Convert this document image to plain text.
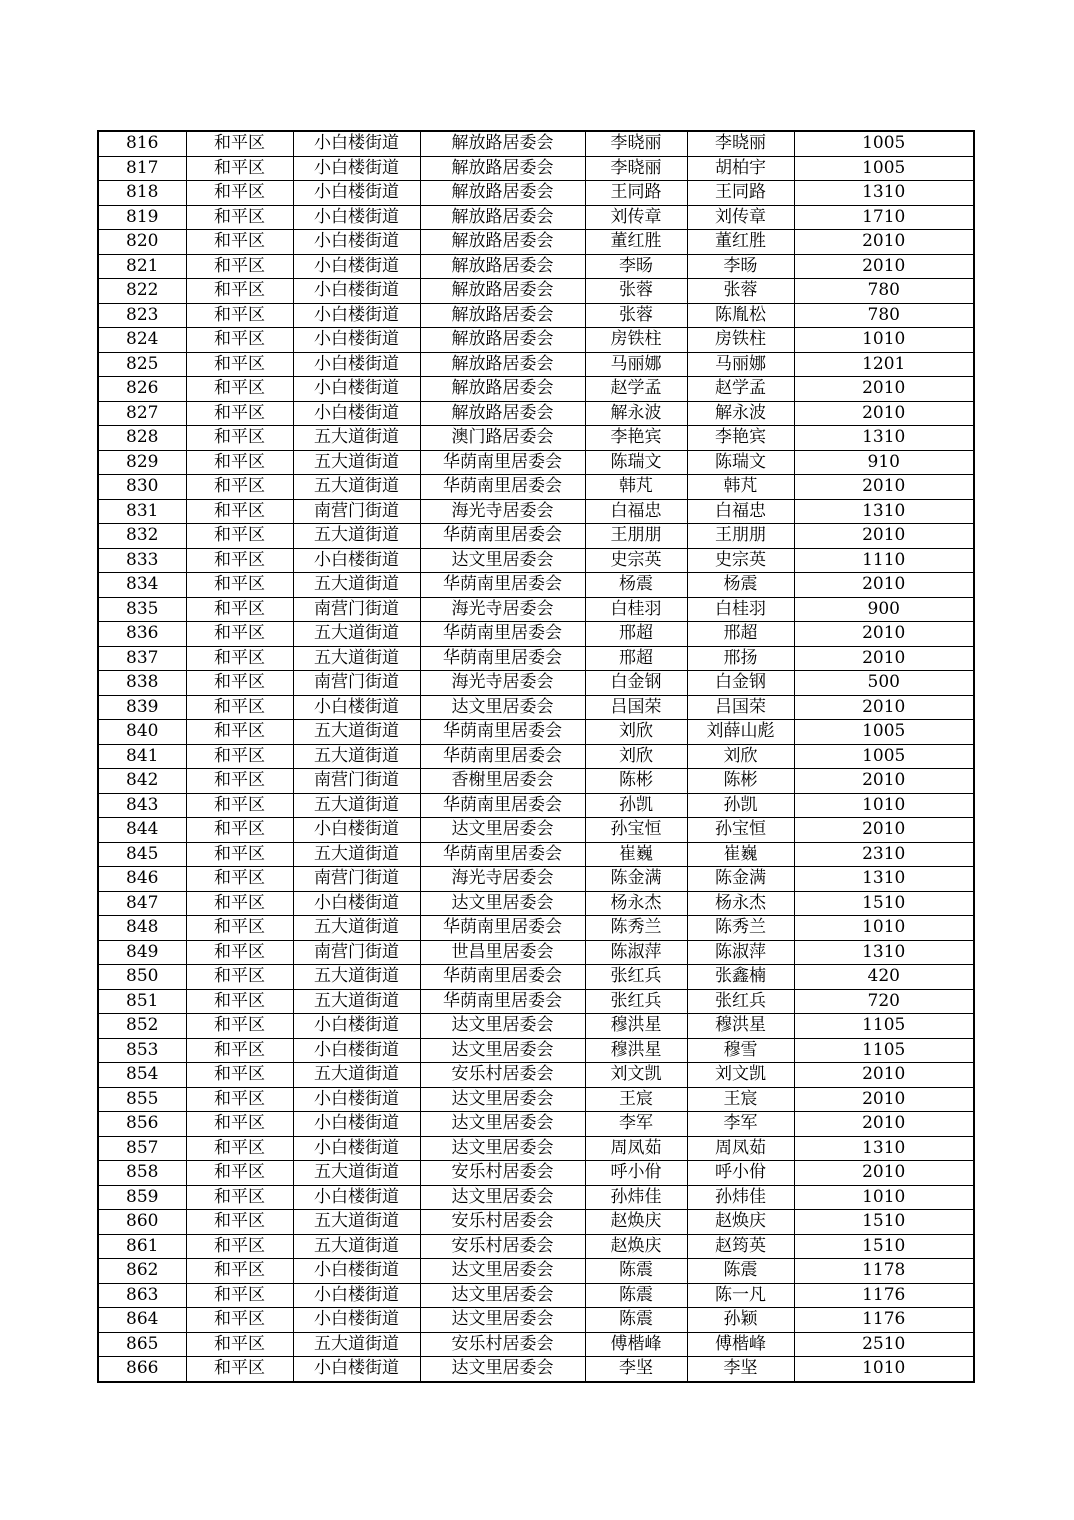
816	和平区	小白楼街道	解放路居委会	李晓丽	李晓丽	1005
817	和平区	小白楼街道	解放路居委会	李晓丽	胡柏宇	1005
818	和平区	小白楼街道	解放路居委会	王同路	王同路	1310
819	和平区	小白楼街道	解放路居委会	刘传章	刘传章	1710
820	和平区	小白楼街道	解放路居委会	董红胜	董红胜	2010
821	和平区	小白楼街道	解放路居委会	李旸	李旸	2010
822	和平区	小白楼街道	解放路居委会	张蓉	张蓉	780
823	和平区	小白楼街道	解放路居委会	张蓉	陈胤松	780
824	和平区	小白楼街道	解放路居委会	房铁柱	房铁柱	1010
825	和平区	小白楼街道	解放路居委会	马丽娜	马丽娜	1201
826	和平区	小白楼街道	解放路居委会	赵学孟	赵学孟	2010
827	和平区	小白楼街道	解放路居委会	解永波	解永波	2010
828	和平区	五大道街道	澳门路居委会	李艳宾	李艳宾	1310
829	和平区	五大道街道	华荫南里居委会	陈瑞文	陈瑞文	910
830	和平区	五大道街道	华荫南里居委会	韩芃	韩芃	2010
831	和平区	南营门街道	海光寺居委会	白福忠	白福忠	1310
832	和平区	五大道街道	华荫南里居委会	王朋朋	王朋朋	2010
833	和平区	小白楼街道	达文里居委会	史宗英	史宗英	1110
834	和平区	五大道街道	华荫南里居委会	杨震	杨震	2010
835	和平区	南营门街道	海光寺居委会	白桂羽	白桂羽	900
836	和平区	五大道街道	华荫南里居委会	邢超	邢超	2010
837	和平区	五大道街道	华荫南里居委会	邢超	邢扬	2010
838	和平区	南营门街道	海光寺居委会	白金钢	白金钢	500
839	和平区	小白楼街道	达文里居委会	吕国荣	吕国荣	2010
840	和平区	五大道街道	华荫南里居委会	刘欣	刘薛山彪	1005
841	和平区	五大道街道	华荫南里居委会	刘欣	刘欣	1005
842	和平区	南营门街道	香榭里居委会	陈彬	陈彬	2010
843	和平区	五大道街道	华荫南里居委会	孙凯	孙凯	1010
844	和平区	小白楼街道	达文里居委会	孙宝恒	孙宝恒	2010
845	和平区	五大道街道	华荫南里居委会	崔巍	崔巍	2310
846	和平区	南营门街道	海光寺居委会	陈金满	陈金满	1310
847	和平区	小白楼街道	达文里居委会	杨永杰	杨永杰	1510
848	和平区	五大道街道	华荫南里居委会	陈秀兰	陈秀兰	1010
849	和平区	南营门街道	世昌里居委会	陈淑萍	陈淑萍	1310
850	和平区	五大道街道	华荫南里居委会	张红兵	张鑫楠	420
851	和平区	五大道街道	华荫南里居委会	张红兵	张红兵	720
852	和平区	小白楼街道	达文里居委会	穆洪星	穆洪星	1105
853	和平区	小白楼街道	达文里居委会	穆洪星	穆雪	1105
854	和平区	五大道街道	安乐村居委会	刘文凯	刘文凯	2010
855	和平区	小白楼街道	达文里居委会	王宸	王宸	2010
856	和平区	小白楼街道	达文里居委会	李军	李军	2010
857	和平区	小白楼街道	达文里居委会	周凤茹	周凤茹	1310
858	和平区	五大道街道	安乐村居委会	呼小佾	呼小佾	2010
859	和平区	小白楼街道	达文里居委会	孙炜佳	孙炜佳	1010
860	和平区	五大道街道	安乐村居委会	赵焕庆	赵焕庆	1510
861	和平区	五大道街道	安乐村居委会	赵焕庆	赵筠英	1510
862	和平区	小白楼街道	达文里居委会	陈震	陈震	1178
863	和平区	小白楼街道	达文里居委会	陈震	陈一凡	1176
864	和平区	小白楼街道	达文里居委会	陈震	孙颖	1176
865	和平区	五大道街道	安乐村居委会	傅楷峰	傅楷峰	2510
866	和平区	小白楼街道	达文里居委会	李坚	李坚	1010
